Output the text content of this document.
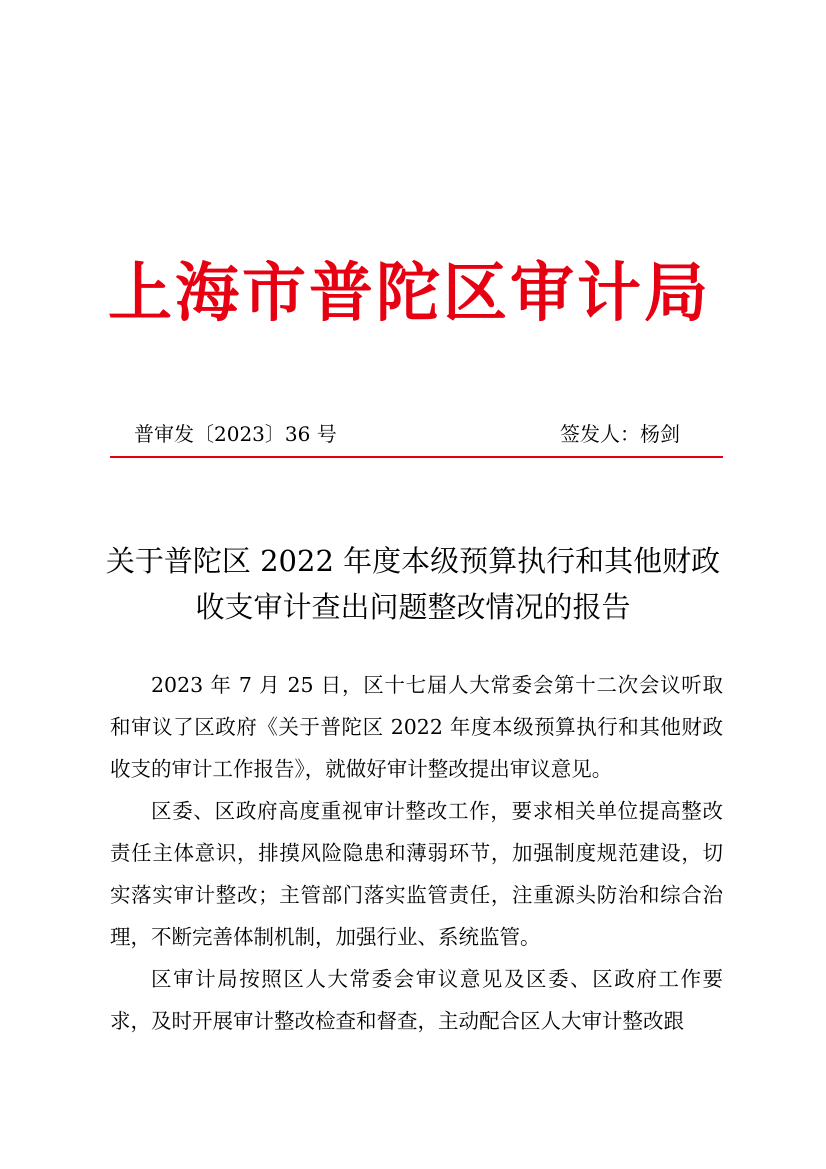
上海市普陀区审计局
普审发〔2023〕36 号	签发人：杨剑
关于普陀区 2022 年度本级预算执行和其他财政
收支审计查出问题整改情况的报告

2023 年 7 月 25 日，区十七届人大常委会第十二次会议听取和审议了区政府《关于普陀区 2022 年度本级预算执行和其他财政收支的审计工作报告》，就做好审计整改提出审议意见。

区委、区政府高度重视审计整改工作，要求相关单位提高整改责任主体意识，排摸风险隐患和薄弱环节，加强制度规范建设，切实落实审计整改；主管部门落实监管责任，注重源头防治和综合治理，不断完善体制机制，加强行业、系统监管。

区审计局按照区人大常委会审议意见及区委、区政府工作要求，及时开展审计整改检查和督查，主动配合区人大审计整改跟
